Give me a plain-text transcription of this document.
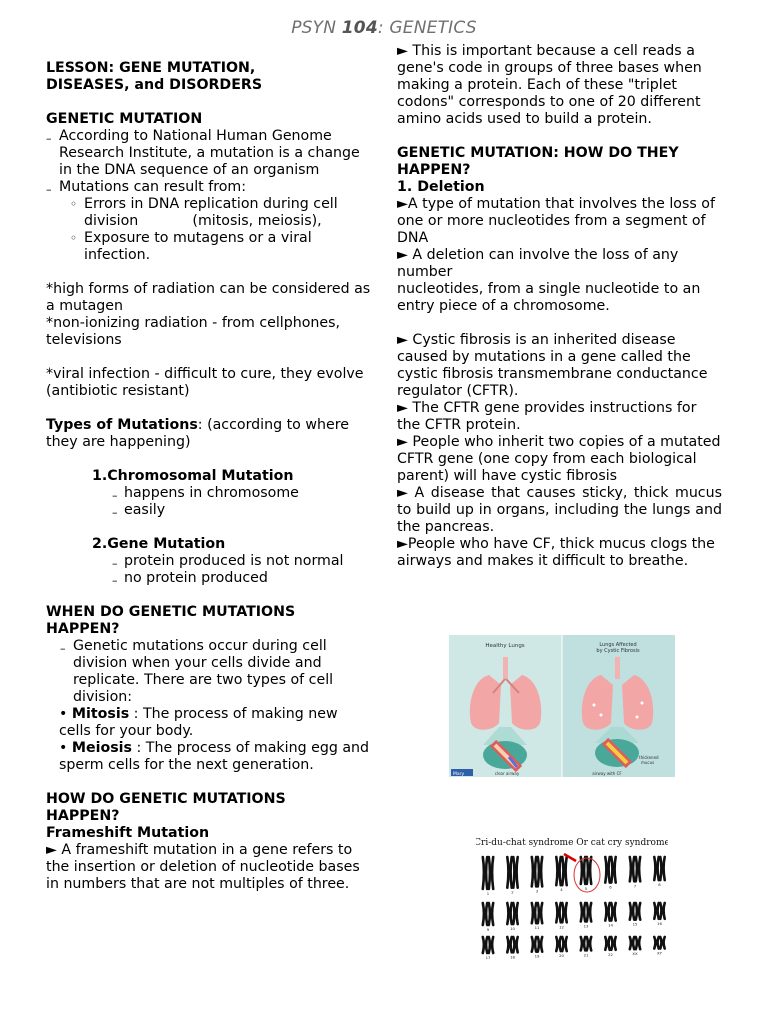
PSYN 104: GENETICS

LESSON: GENE MUTATION,

DISEASES, and DISORDERS

GENETIC MUTATION

– According to National Human Genome Research Institute, a mutation is a change in the DNA sequence of an organism

– Mutations can result from:

◦ Errors in DNA replication during cell division            (mitosis, meiosis),

◦ Exposure to mutagens or a viral infection.

*high forms of radiation can be considered as a mutagen

*non-ionizing radiation - from cellphones, televisions

*viral infection - difficult to cure, they evolve (antibiotic resistant)

Types of Mutations: (according to where they are happening)

1.Chromosomal Mutation

– happens in chromosome

– easily

2.Gene Mutation

– protein produced is not normal

– no protein produced

WHEN DO GENETIC MUTATIONS

HAPPEN?

– Genetic mutations occur during cell division when your cells divide and replicate. There are two types of cell division:

• Mitosis : The process of making new cells for your body.

• Meiosis : The process of making egg and sperm cells for the next generation.

HOW DO GENETIC MUTATIONS

HAPPEN?

Frameshift Mutation

► A frameshift mutation in a gene refers to the insertion or deletion of nucleotide bases in numbers that are not multiples of three.

► This is important because a cell reads a gene's code in groups of three bases when making a protein. Each of these "triplet codons" corresponds to one of 20 different amino acids used to build a protein.

GENETIC MUTATION: HOW DO THEY

HAPPEN?

1. Deletion

►A type of mutation that involves the loss of one or more nucleotides from a segment of DNA

► A deletion can involve the loss of any number

nucleotides, from a single nucleotide to an entry piece of a chromosome.

► Cystic fibrosis is an inherited disease caused by mutations in a gene called the cystic fibrosis transmembrane conductance regulator (CFTR).

► The CFTR gene provides instructions for the CFTR protein.

► People who inherit two copies of a mutated CFTR gene (one copy from each biological parent) will have cystic fibrosis

► A disease that causes sticky, thick mucus to build up in organs, including the lungs and the pancreas.

►People who have CF, thick mucus clogs the airways and makes it difficult to breathe.

Healthy Lungs	Lungs Affected
by Cystic Fibrosis
clear airway	airway with CF
thickened
mucus
Mary
Cri-du-chat syndrome Or cat cry syndrome
1	2	3	4	5	6	7	8
9	10	11	12	13	14	15	16
17	18	19	20	21	22	XX	XY
